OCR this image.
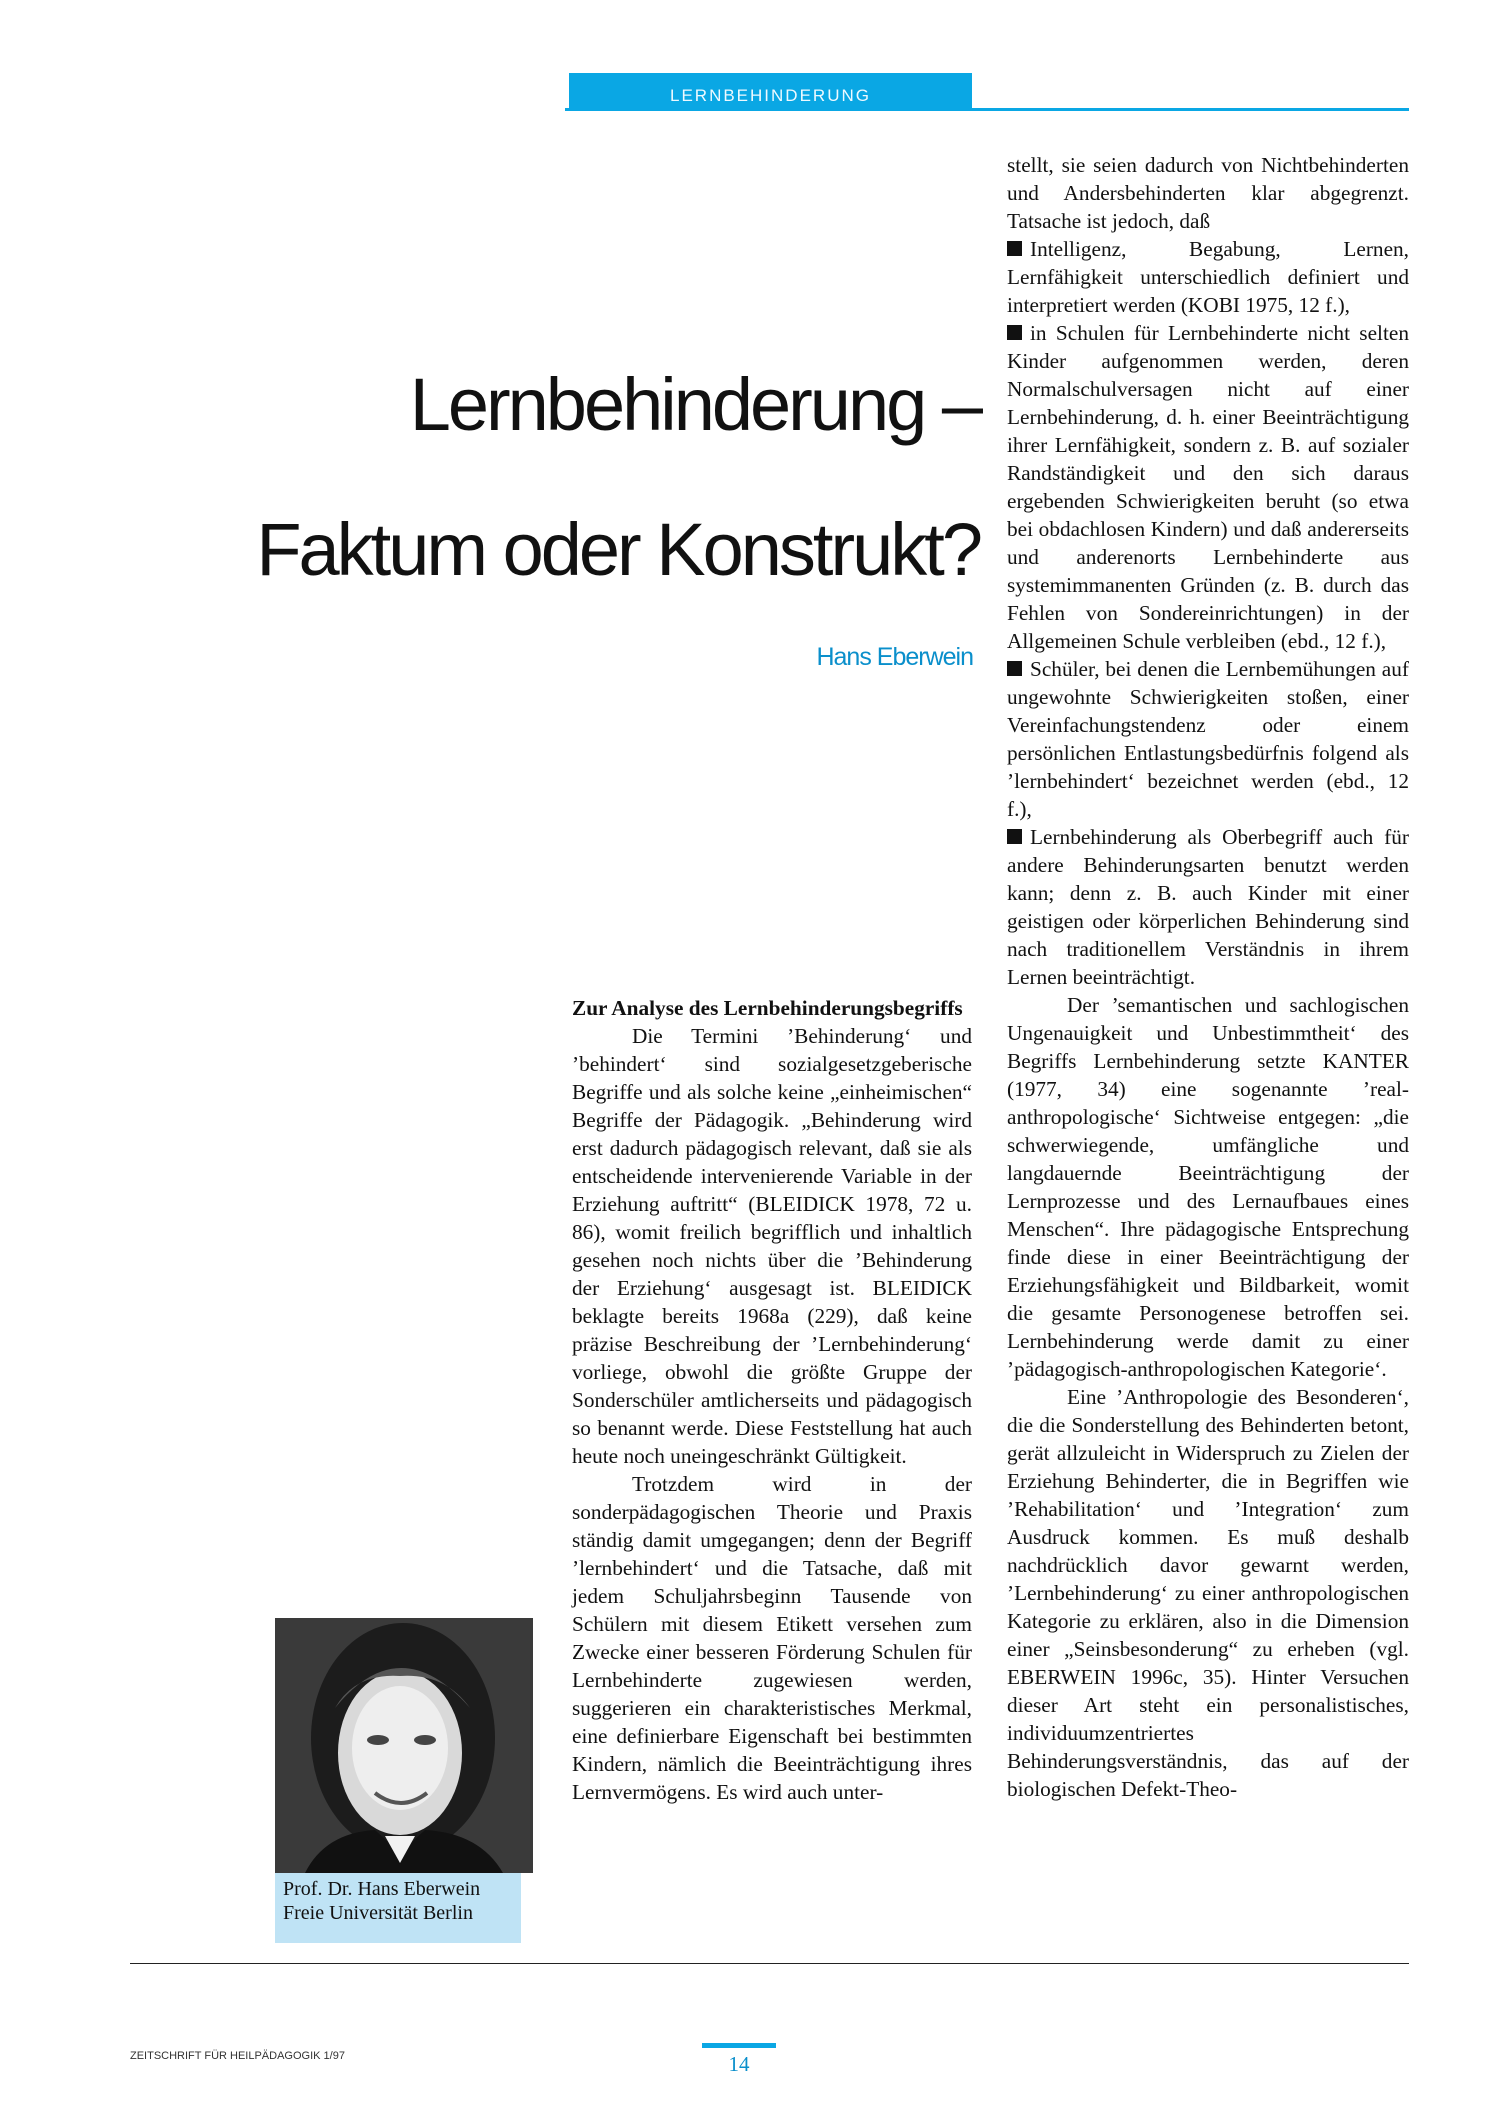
LERNBEHINDERUNG
Lernbehinderung –
Faktum oder Konstrukt?
Hans Eberwein

Zur Analyse des Lernbehinderungsbegriffs

Die Termini ’Behinderung‘ und ’behindert‘ sind sozialgesetzgeberische Begriffe und als solche keine „einheimischen“ Begriffe der Pädagogik. „Behinderung wird erst dadurch pädagogisch relevant, daß sie als entscheidende intervenierende Variable in der Erziehung auftritt“ (BLEIDICK 1978, 72 u. 86), womit freilich begrifflich und inhaltlich gesehen noch nichts über die ’Behinderung der Erziehung‘ ausgesagt ist. BLEIDICK beklagte bereits 1968a (229), daß keine präzise Beschreibung der ’Lernbehinderung‘ vorliege, obwohl die größte Gruppe der Sonderschüler amtlicherseits und pädagogisch so benannt werde. Diese Feststellung hat auch heute noch uneingeschränkt Gültigkeit.

Trotzdem wird in der sonderpädagogischen Theorie und Praxis ständig damit umgegangen; denn der Begriff ’lernbehindert‘ und die Tatsache, daß mit jedem Schuljahrsbeginn Tausende von Schülern mit diesem Etikett versehen zum Zwecke einer besseren Förderung Schulen für Lernbehinderte zugewiesen werden, suggerieren ein charakteristisches Merkmal, eine definierbare Eigenschaft bei bestimmten Kindern, nämlich die Beeinträchtigung ihres Lernvermögens. Es wird auch unter-

stellt, sie seien dadurch von Nichtbehinderten und Andersbehinderten klar abgegrenzt. Tatsache ist jedoch, daß

Intelligenz, Begabung, Lernen, Lernfähigkeit unterschiedlich definiert und interpretiert werden (KOBI 1975, 12 f.),

in Schulen für Lernbehinderte nicht selten Kinder aufgenommen werden, deren Normalschulversagen nicht auf einer Lernbehinderung, d. h. einer Beeinträchtigung ihrer Lernfähigkeit, sondern z. B. auf sozialer Randständigkeit und den sich daraus ergebenden Schwierigkeiten beruht (so etwa bei obdachlosen Kindern) und daß andererseits und anderenorts Lernbehinderte aus systemimmanenten Gründen (z. B. durch das Fehlen von Sondereinrichtungen) in der Allgemeinen Schule verbleiben (ebd., 12 f.),

Schüler, bei denen die Lernbemühungen auf ungewohnte Schwierigkeiten stoßen, einer Vereinfachungstendenz oder einem persönlichen Entlastungsbedürfnis folgend als ’lernbehindert‘ bezeichnet werden (ebd., 12 f.),

Lernbehinderung als Oberbegriff auch für andere Behinderungsarten benutzt werden kann; denn z. B. auch Kinder mit einer geistigen oder körperlichen Behinderung sind nach traditionellem Verständnis in ihrem Lernen beeinträchtigt.

Der ’semantischen und sachlogischen Ungenauigkeit und Unbestimmtheit‘ des Begriffs Lernbehinderung setzte KANTER (1977, 34) eine sogenannte ’real-anthropologische‘ Sichtweise entgegen: „die schwerwiegende, umfängliche und langdauernde Beeinträchtigung der Lernprozesse und des Lernaufbaues eines Menschen“. Ihre pädagogische Entsprechung finde diese in einer Beeinträchtigung der Erziehungsfähigkeit und Bildbarkeit, womit die gesamte Personogenese betroffen sei. Lernbehinderung werde damit zu einer ’pädagogisch-anthropologischen Kategorie‘.

Eine ’Anthropologie des Besonderen‘, die die Sonderstellung des Behinderten betont, gerät allzuleicht in Widerspruch zu Zielen der Erziehung Behinderter, die in Begriffen wie ’Rehabilitation‘ und ’Integration‘ zum Ausdruck kommen. Es muß deshalb nachdrücklich davor gewarnt werden, ’Lernbehinderung‘ zu einer anthropologischen Kategorie zu erklären, also in die Dimension einer „Seinsbesonderung“ zu erheben (vgl. EBERWEIN 1996c, 35). Hinter Versuchen dieser Art steht ein personalistisches, individuumzentriertes Behinderungsverständnis, das auf der biologischen Defekt-Theo-

Prof. Dr. Hans Eberwein
Freie Universität Berlin
ZEITSCHRIFT FÜR HEILPÄDAGOGIK 1/97	14
